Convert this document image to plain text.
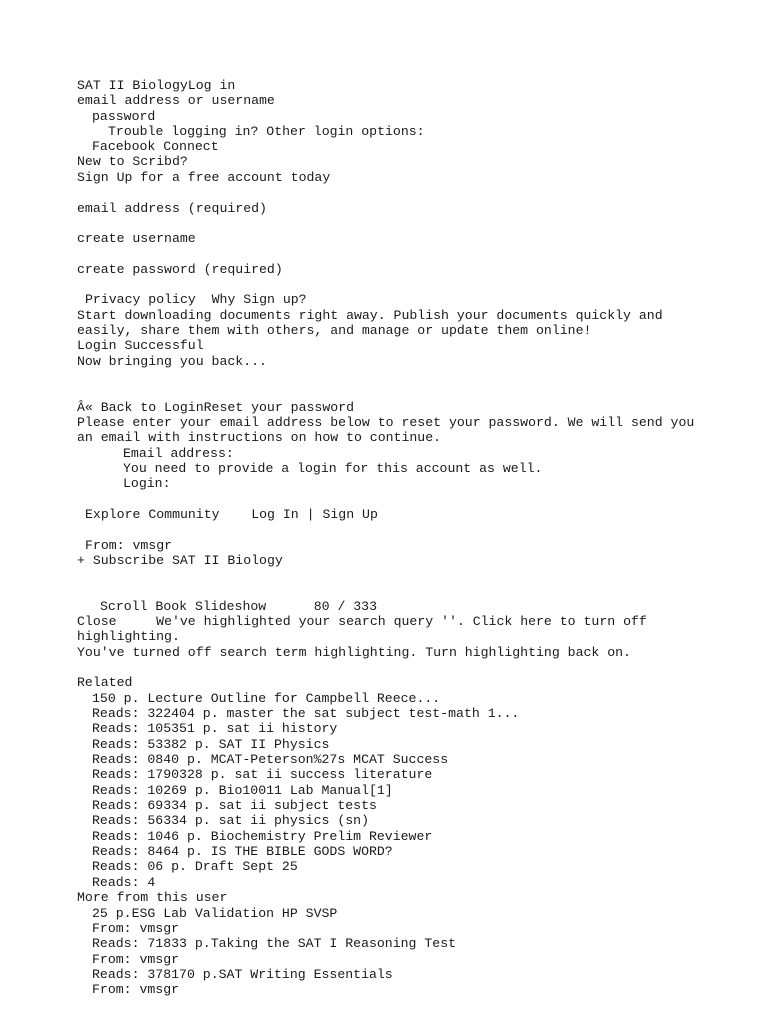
SAT II BiologyLog in
email address or username
password
Trouble logging in? Other login options:
Facebook Connect
New to Scribd?
Sign Up for a free account today
email address (required)
create username
create password (required)
Privacy policy Why Sign up?
Start downloading documents right away. Publish your documents quickly and
easily, share them with others, and manage or update them online!
Login Successful
Now bringing you back...
Â« Back to LoginReset your password
Please enter your email address below to reset your password. We will send you
an email with instructions on how to continue.
Email address:
You need to provide a login for this account as well.
Login:
Explore Community Log In | Sign Up
From: vmsgr
+ Subscribe SAT II Biology
Scroll Book Slideshow	80 / 333
Close	We've highlighted your search query ''. Click here to turn off
highlighting.
You've turned off search term highlighting. Turn highlighting back on.
Related
150 p. Lecture Outline for Campbell Reece...
Reads: 322404 p. master the sat subject test-math 1...
Reads: 105351 p. sat ii history
Reads: 53382 p. SAT II Physics
Reads: 0840 p. MCAT-Peterson%27s MCAT Success
Reads: 1790328 p. sat ii success literature
Reads: 10269 p. Bio10011 Lab Manual[1]
Reads: 69334 p. sat ii subject tests
Reads: 56334 p. sat ii physics (sn)
Reads: 1046 p. Biochemistry Prelim Reviewer
Reads: 8464 p. IS THE BIBLE GODS WORD?
Reads: 06 p. Draft Sept 25
Reads: 4
More from this user
25 p.ESG Lab Validation HP SVSP
From: vmsgr
Reads: 71833 p.Taking the SAT I Reasoning Test
From: vmsgr
Reads: 378170 p.SAT Writing Essentials
From: vmsgr
